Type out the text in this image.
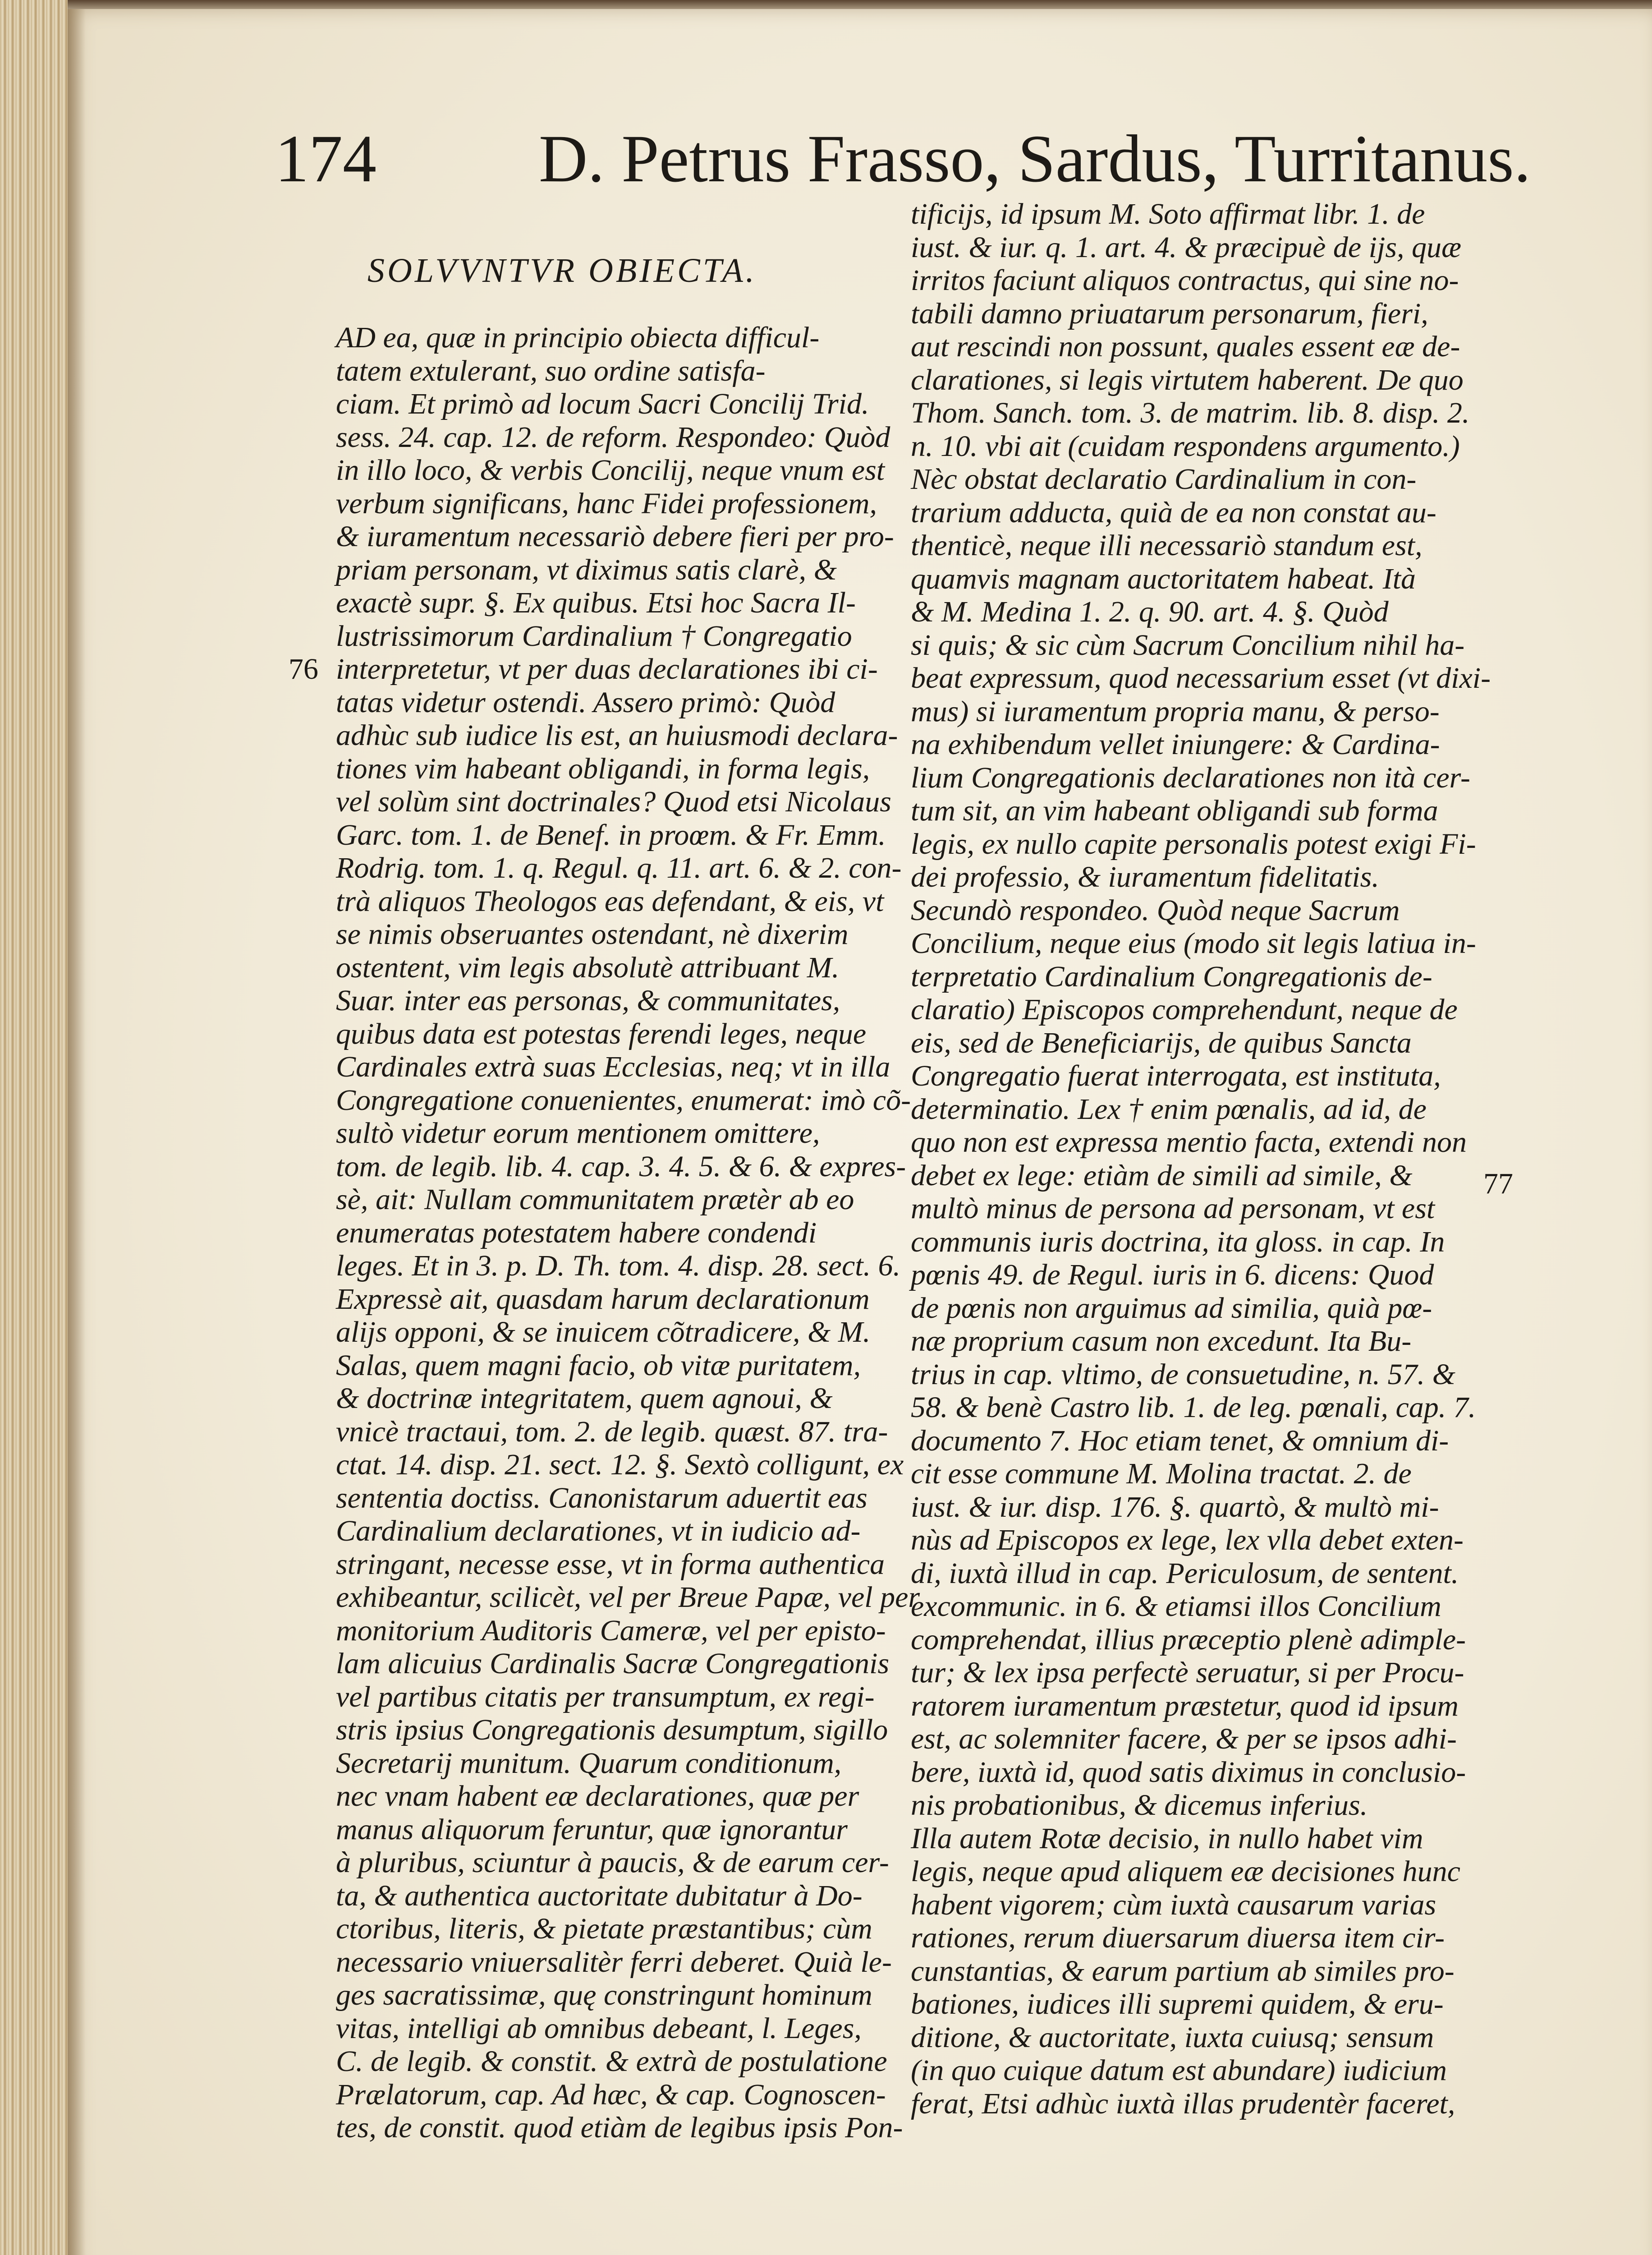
174 D. Petrus Frasso, Sardus, Turritanus.
SOLVVNTVR OBIECTA.
AD ea, quæ in principio obiecta difficul-
tatem extulerant, suo ordine satisfa-
ciam. Et primò ad locum Sacri Concilij Trid.
sess. 24. cap. 12. de reform. Respondeo: Quòd
in illo loco, & verbis Concilij, neque vnum est
verbum significans, hanc Fidei professionem,
& iuramentum necessariò debere fieri per pro-
priam personam, vt diximus satis clarè, &
exactè supr. §. Ex quibus. Etsi hoc Sacra Il-
lustrissimorum Cardinalium † Congregatio
interpretetur, vt per duas declarationes ibi ci-
tatas videtur ostendi. Assero primò: Quòd
adhùc sub iudice lis est, an huiusmodi declara-
tiones vim habeant obligandi, in forma legis,
vel solùm sint doctrinales? Quod etsi Nicolaus
Garc. tom. 1. de Benef. in proœm. & Fr. Emm.
Rodrig. tom. 1. q. Regul. q. 11. art. 6. & 2. con-
trà aliquos Theologos eas defendant, & eis, vt
se nimis obseruantes ostendant, nè dixerim
ostentent, vim legis absolutè attribuant M.
Suar. inter eas personas, & communitates,
quibus data est potestas ferendi leges, neque
Cardinales extrà suas Ecclesias, neq; vt in illa
Congregatione conuenientes, enumerat: imò cõ-
sultò videtur eorum mentionem omittere,
tom. de legib. lib. 4. cap. 3. 4. 5. & 6. & expres-
sè, ait: Nullam communitatem prætèr ab eo
enumeratas potestatem habere condendi
leges. Et in 3. p. D. Th. tom. 4. disp. 28. sect. 6.
Expressè ait, quasdam harum declarationum
alijs opponi, & se inuicem cõtradicere, & M.
Salas, quem magni facio, ob vitæ puritatem,
& doctrinæ integritatem, quem agnoui, &
vnicè tractaui, tom. 2. de legib. quæst. 87. tra-
ctat. 14. disp. 21. sect. 12. §. Sextò colligunt, ex
sententia doctiss. Canonistarum aduertit eas
Cardinalium declarationes, vt in iudicio ad-
stringant, necesse esse, vt in forma authentica
exhibeantur, scilicèt, vel per Breue Papæ, vel per
monitorium Auditoris Cameræ, vel per episto-
lam alicuius Cardinalis Sacræ Congregationis
vel partibus citatis per transumptum, ex regi-
stris ipsius Congregationis desumptum, sigillo
Secretarij munitum. Quarum conditionum,
nec vnam habent eæ declarationes, quæ per
manus aliquorum feruntur, quæ ignorantur
à pluribus, sciuntur à paucis, & de earum cer-
ta, & authentica auctoritate dubitatur à Do-
ctoribus, literis, & pietate præstantibus; cùm
necessario vniuersalitèr ferri deberet. Quià le-
ges sacratissimæ, quę constringunt hominum
vitas, intelligi ab omnibus debeant, l. Leges,
C. de legib. & constit. & extrà de postulatione
Prælatorum, cap. Ad hæc, & cap. Cognoscen-
tes, de constit. quod etiàm de legibus ipsis Pon-
tificijs, id ipsum M. Soto affirmat libr. 1. de
iust. & iur. q. 1. art. 4. & præcipuè de ijs, quæ
irritos faciunt aliquos contractus, qui sine no-
tabili damno priuatarum personarum, fieri,
aut rescindi non possunt, quales essent eæ de-
clarationes, si legis virtutem haberent. De quo
Thom. Sanch. tom. 3. de matrim. lib. 8. disp. 2.
n. 10. vbi ait (cuidam respondens argumento.)
Nèc obstat declaratio Cardinalium in con-
trarium adducta, quià de ea non constat au-
thenticè, neque illi necessariò standum est,
quamvis magnam auctoritatem habeat. Ità
& M. Medina 1. 2. q. 90. art. 4. §. Quòd
si quis; & sic cùm Sacrum Concilium nihil ha-
beat expressum, quod necessarium esset (vt dixi-
mus) si iuramentum propria manu, & perso-
na exhibendum vellet iniungere: & Cardina-
lium Congregationis declarationes non ità cer-
tum sit, an vim habeant obligandi sub forma
legis, ex nullo capite personalis potest exigi Fi-
dei professio, & iuramentum fidelitatis.
Secundò respondeo. Quòd neque Sacrum
Concilium, neque eius (modo sit legis latiua in-
terpretatio Cardinalium Congregationis de-
claratio) Episcopos comprehendunt, neque de
eis, sed de Beneficiarijs, de quibus Sancta
Congregatio fuerat interrogata, est instituta,
determinatio. Lex † enim pœnalis, ad id, de
quo non est expressa mentio facta, extendi non
debet ex lege: etiàm de simili ad simile, &
multò minus de persona ad personam, vt est
communis iuris doctrina, ita gloss. in cap. In
pœnis 49. de Regul. iuris in 6. dicens: Quod
de pœnis non arguimus ad similia, quià pœ-
næ proprium casum non excedunt. Ita Bu-
trius in cap. vltimo, de consuetudine, n. 57. &
58. & benè Castro lib. 1. de leg. pœnali, cap. 7.
documento 7. Hoc etiam tenet, & omnium di-
cit esse commune M. Molina tractat. 2. de
iust. & iur. disp. 176. §. quartò, & multò mi-
nùs ad Episcopos ex lege, lex vlla debet exten-
di, iuxtà illud in cap. Periculosum, de sentent.
excommunic. in 6. & etiamsi illos Concilium
comprehendat, illius præceptio plenè adimple-
tur; & lex ipsa perfectè seruatur, si per Procu-
ratorem iuramentum præstetur, quod id ipsum
est, ac solemniter facere, & per se ipsos adhi-
bere, iuxtà id, quod satis diximus in conclusio-
nis probationibus, & dicemus inferius.
Illa autem Rotæ decisio, in nullo habet vim
legis, neque apud aliquem eæ decisiones hunc
habent vigorem; cùm iuxtà causarum varias
rationes, rerum diuersarum diuersa item cir-
cunstantias, & earum partium ab similes pro-
bationes, iudices illi supremi quidem, & eru-
ditione, & auctoritate, iuxta cuiusq; sensum
(in quo cuique datum est abundare) iudicium
ferat, Etsi adhùc iuxtà illas prudentèr faceret,
76
77
